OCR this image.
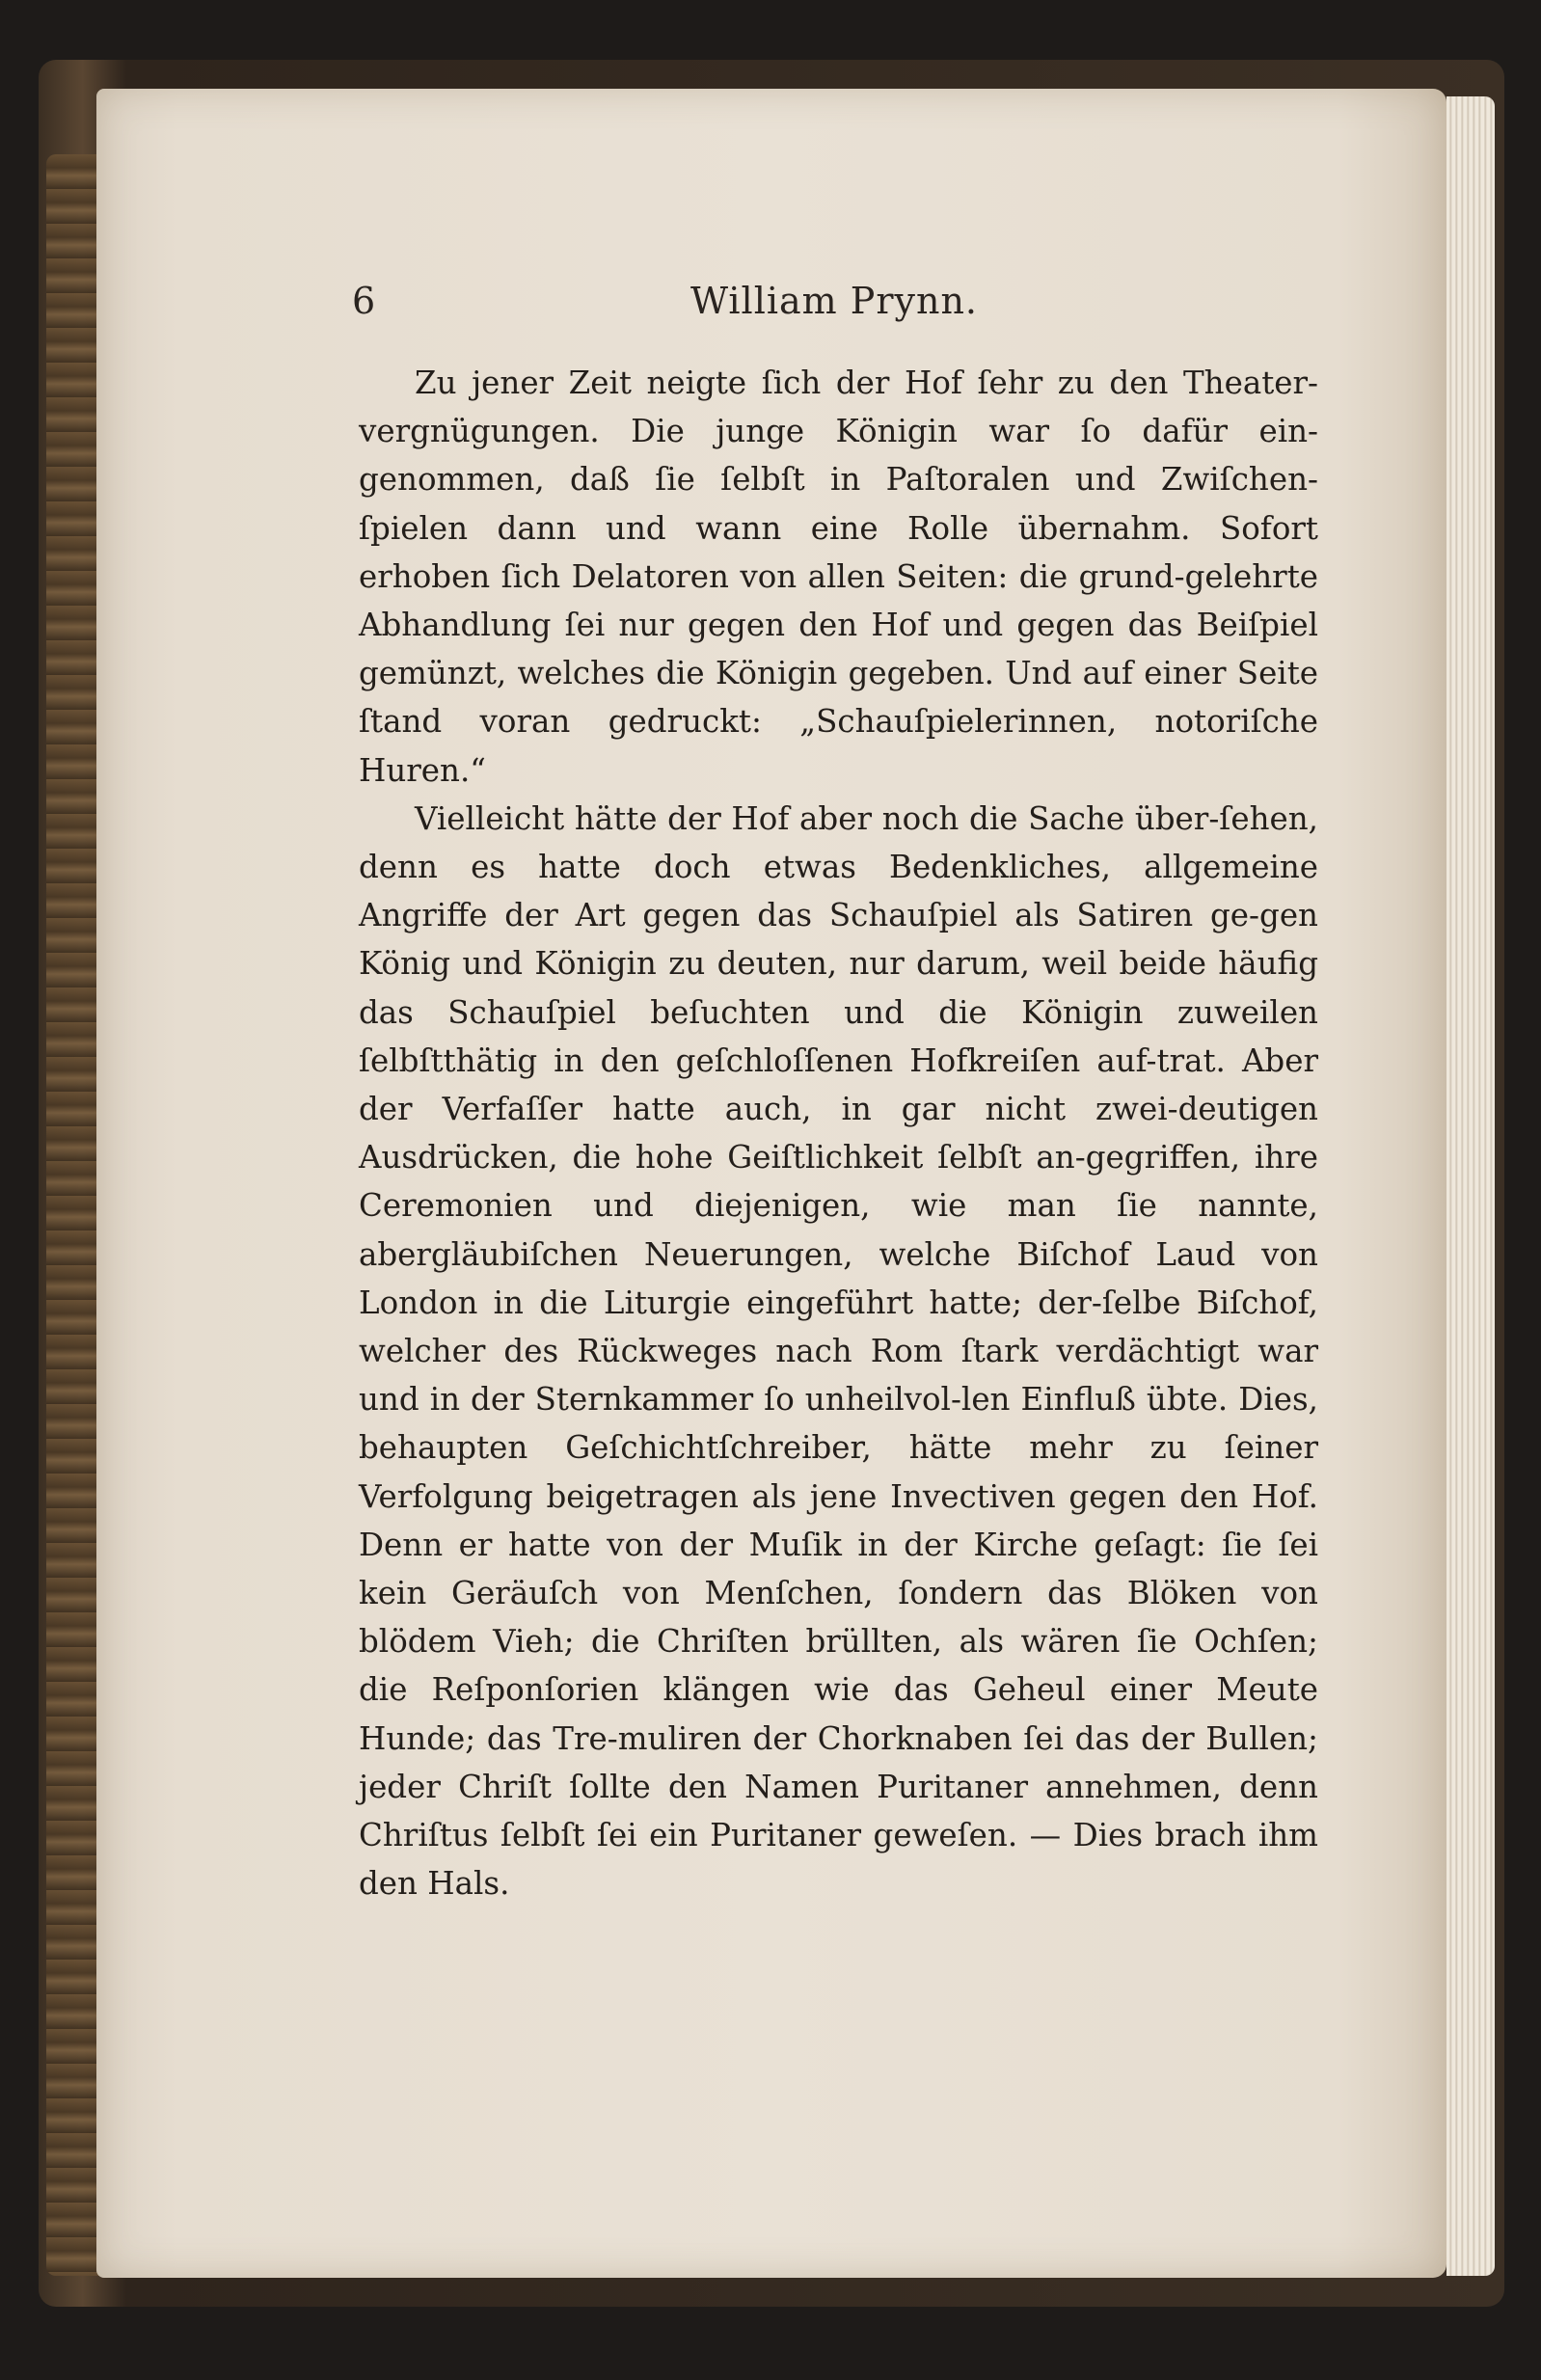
6	William Prynn.

Zu jener Zeit neigte ſich der Hof ſehr zu den Theater-vergnügungen. Die junge Königin war ſo dafür ein-genommen, daß ſie ſelbſt in Paſtoralen und Zwiſchen-ſpielen dann und wann eine Rolle übernahm. Sofort erhoben ſich Delatoren von allen Seiten: die grund-gelehrte Abhandlung ſei nur gegen den Hof und gegen das Beiſpiel gemünzt, welches die Königin gegeben. Und auf einer Seite ſtand voran gedruckt: „Schauſpielerinnen, notoriſche Huren.“

Vielleicht hätte der Hof aber noch die Sache über-ſehen, denn es hatte doch etwas Bedenkliches, allgemeine Angriffe der Art gegen das Schauſpiel als Satiren ge-gen König und Königin zu deuten, nur darum, weil beide häufig das Schauſpiel beſuchten und die Königin zuweilen ſelbſtthätig in den geſchloſſenen Hofkreiſen auf-trat. Aber der Verfaſſer hatte auch, in gar nicht zwei-deutigen Ausdrücken, die hohe Geiſtlichkeit ſelbſt an-gegriffen, ihre Ceremonien und diejenigen, wie man ſie nannte, abergläubiſchen Neuerungen, welche Biſchof Laud von London in die Liturgie eingeführt hatte; der-ſelbe Biſchof, welcher des Rückweges nach Rom ſtark verdächtigt war und in der Sternkammer ſo unheilvol-len Einfluß übte. Dies, behaupten Geſchichtſchreiber, hätte mehr zu ſeiner Verfolgung beigetragen als jene Invectiven gegen den Hof. Denn er hatte von der Muſik in der Kirche geſagt: ſie ſei kein Geräuſch von Menſchen, ſondern das Blöken von blödem Vieh; die Chriſten brüllten, als wären ſie Ochſen; die Reſponſorien klängen wie das Geheul einer Meute Hunde; das Tre-muliren der Chorknaben ſei das der Bullen; jeder Chriſt ſollte den Namen Puritaner annehmen, denn Chriſtus ſelbſt ſei ein Puritaner geweſen. — Dies brach ihm den Hals.
